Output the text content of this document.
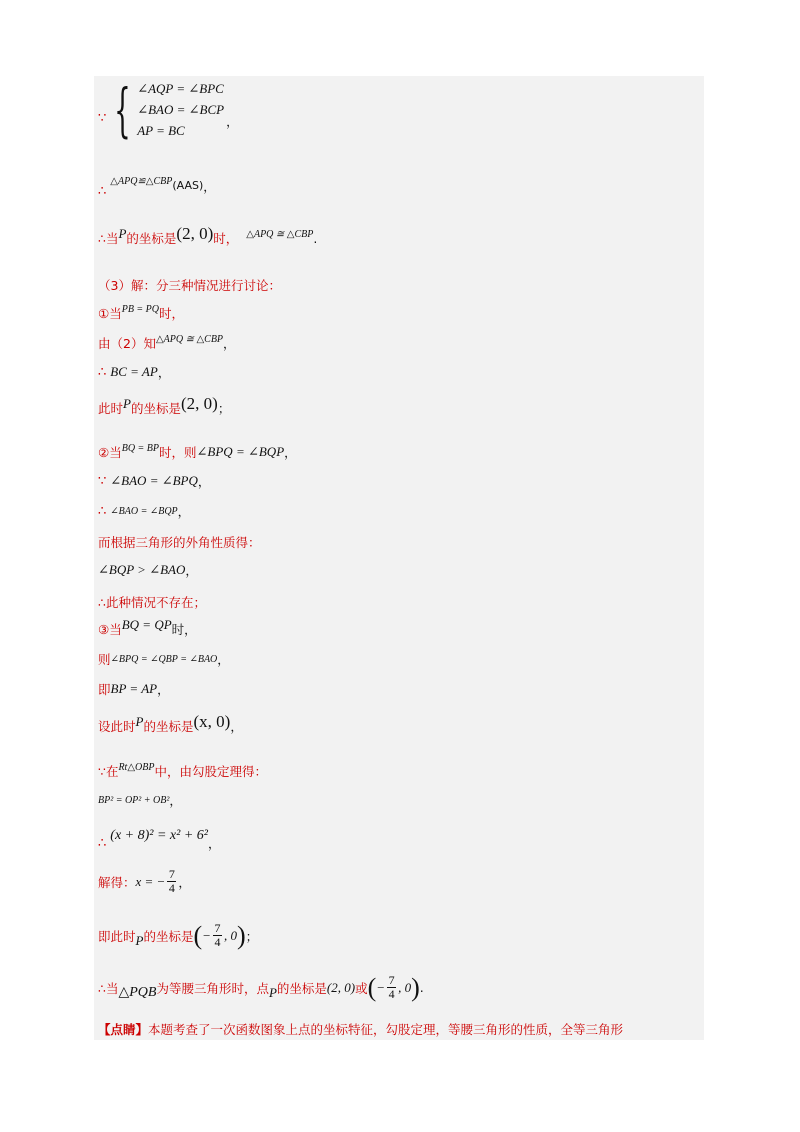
∵ { ∠AQP = ∠BPC
∠BAO = ∠BCP
AP = BC
，
∴
△APQ≌△CBP (AAS) ，
∴当 P 的坐标是 (2, 0) 时， △APQ ≅ △CBP .
（3）解：分三种情况进行讨论：
①当 PB = PQ 时，
由（2）知 △APQ ≅ △CBP ，
∴ BC = AP ，
此时 P 的坐标是 (2, 0) ；
②当 BQ = BP 时，则 ∠BPQ = ∠BQP ，
∵ ∠BAO = ∠BPQ ，
∴ ∠BAO = ∠BQP ，
而根据三角形的外角性质得：
∠BQP > ∠BAO ，
∴此种情况不存在；
③当 BQ = QP 时，
则 ∠BPQ = ∠QBP = ∠BAO ，
即 BP = AP ，
设此时 P 的坐标是 (x, 0) ，
∵在 Rt△OBP 中，由勾股定理得：
BP² = OP² + OB² ，
∴ (x + 8)² = x² + 6²
，
解得： x = − $\frac{7}{4}$ ，
即此时 P 的坐标是 ( − $\frac{7}{4}$ , 0 ) ；
∴当 △PQB 为等腰三角形时，点 P 的坐标是 (2, 0) 或 ( − $\frac{7}{4}$ , 0 ) .
【点睛】 本题考查了一次函数图象上点的坐标特征，勾股定理，等腰三角形的性质，全等三角形
